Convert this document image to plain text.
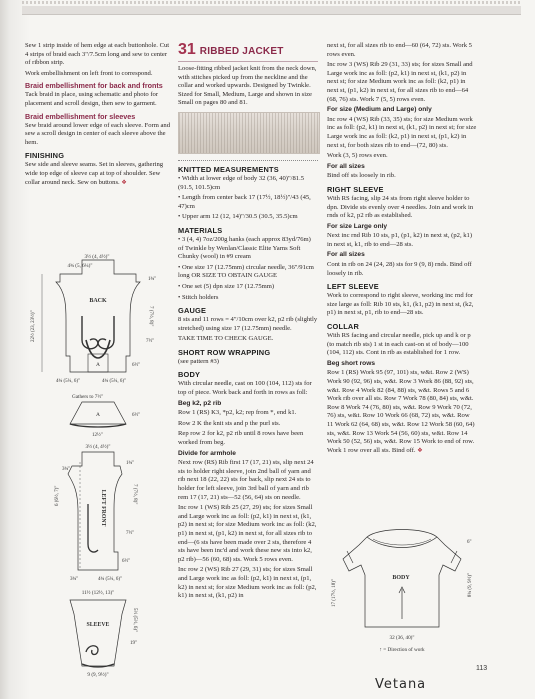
Sew 1 strip inside of hem edge at each buttonhole. Cut 4 strips of braid each 3"/7.5cm long and sew to center of ribbon strip.

Work embellishment on left front to correspond.

Braid embellishment for back and fronts

Tack braid in place, using schematic and photo for placement and scroll design, then sew to garment.

Braid embellishment for sleeves

Sew braid around lower edge of each sleeve. Form and sew a scroll design in center of each sleeve above the hem.

FINISHING

Sew side and sleeve seams. Set in sleeves, gathering wide top edge of sleeve cap at top of shoulder. Sew collar around neck. Sew on buttons. ❖

3½ (4, 4½)"
4¾ (5, 6¼)"
BACK
A
1¾"
7 (7½, 8)"
7½"
6½"
22½ (23, 23½)"
4¾ (5¼, 6)"	4¾ (5¼, 6)"
Gathers to 7½"
A	6½"
12½"
3½ (4, 4½)"
LEFT FRONT
3¾"
1¾"
7 (7½, 8)"
6 (6½, 7)"
7½"
6½"
3¾"	4¾ (5¼, 6)"
11½ (12½, 13)"
SLEEVE	5½ (5½, 6)"
19"
9 (9, 9½)"
31 RIBBED JACKET

Loose-fitting ribbed jacket knit from the neck down, with stitches picked up from the neckline and the collar and worked upwards. Designed by Twinkle. Sized for Small, Medium, Large and shown in size Small on pages 80 and 81.

KNITTED MEASUREMENTS

• Width at lower edge of body 32 (36, 40)"/81.5 (91.5, 101.5)cm

• Length from center back 17 (17½, 18½)"/43 (45, 47)cm

• Upper arm 12 (12, 14)"/30.5 (30.5, 35.5)cm

MATERIALS

• 3 (4, 4) 7oz/200g hanks (each approx 83yd/76m) of Twinkle by Wenlan/Classic Elite Yarns Soft Chunky (wool) in #9 cream

• One size 17 (12.75mm) circular needle, 36"/91cm long OR SIZE TO OBTAIN GAUGE

• One set (5) dpn size 17 (12.75mm)

• Stitch holders

GAUGE

8 sts and 11 rows = 4"/10cm over k2, p2 rib (slightly stretched) using size 17 (12.75mm) needle.

TAKE TIME TO CHECK GAUGE.

SHORT ROW WRAPPING

(see pattern #3)

BODY

With circular needle, cast on 100 (104, 112) sts for top of piece. Work back and forth in rows as foll:

Beg k2, p2 rib

Row 1 (RS) K3, *p2, k2; rep from *, end k1.

Row 2 K the knit sts and p the purl sts.

Rep row 2 for k2, p2 rib until 8 rows have been worked from beg.

Divide for armhole

Next row (RS) Rib first 17 (17, 21) sts, slip next 24 sts to holder right sleeve, join 2nd ball of yarn and rib next 18 (22, 22) sts for back, slip next 24 sts to holder for left sleeve, join 3rd ball of yarn and rib rem 17 (17, 21) sts—52 (56, 64) sts on needle.

Inc row 1 (WS) Rib 25 (27, 29) sts; for sizes Small and Large work inc as foll: (p2, k1) in next st, (k1, p2) in next st; for size Medium work inc as foll: (k2, p1) in next st, (p1, k2) in next st, for all sizes rib to end—(6 sts have been made over 2 sts, therefore 4 sts have been inc'd and work these new sts into k2, p2 rib)—56 (60, 68) sts. Work 5 rows even.

Inc row 2 (WS) Rib 27 (29, 31) sts; for sizes Small and Large work inc as foll: (p2, k1) in next st, (p1, k2) in next st; for size Medium work inc as foll: (p2, k1) in next st, (k1, p2) in

next st, for all sizes rib to end—60 (64, 72) sts. Work 5 rows even.

Inc row 3 (WS) Rib 29 (31, 33) sts; for sizes Small and Large work inc as foll: (p2, k1) in next st, (k1, p2) in next st; for size Medium work inc as foll: (k2, p1) in next st, (p1, k2) in next st, for all sizes rib to end—64 (68, 76) sts. Work 7 (5, 5) rows even.

For size (Medium and Large) only

Inc row 4 (WS) Rib (33, 35) sts; for size Medium work inc as foll: (p2, k1) in next st, (k1, p2) in next st; for size Large work inc as foll: (k2, p1) in next st, (p1, k2) in next st, for both sizes rib to end—(72, 80) sts.

Work (3, 5) rows even.

For all sizes

Bind off sts loosely in rib.

RIGHT SLEEVE

With RS facing, slip 24 sts from right sleeve holder to dpn. Divide sts evenly over 4 needles. Join and work in rnds of k2, p2 rib as established.

For size Large only

Next inc rnd Rib 10 sts, p1, (p1, k2) in next st, (p2, k1) in next st, k1, rib to end—28 sts.

For all sizes

Cont in rib on 24 (24, 28) sts for 9 (9, 8) rnds. Bind off loosely in rib.

LEFT SLEEVE

Work to correspond to right sleeve, working inc rnd for size large as foll: Rib 10 sts, k1, (k1, p2) in next st, (k2, p1) in next st, p1, rib to end—28 sts.

COLLAR

With RS facing and circular needle, pick up and k or p (to match rib sts) 1 st in each cast-on st of body—100 (104, 112) sts. Cont in rib as established for 1 row.

Beg short rows

Row 1 (RS) Work 95 (97, 101) sts, w&t. Row 2 (WS) Work 90 (92, 96) sts, w&t. Row 3 Work 86 (88, 92) sts, w&t. Row 4 Work 82 (84, 88) sts, w&t. Rows 5 and 6 Work rib over all sts. Row 7 Work 78 (80, 84) sts, w&t. Row 8 Work 74 (76, 80) sts, w&t. Row 9 Work 70 (72, 76) sts, w&t. Row 10 Work 66 (68, 72) sts, w&t. Row 11 Work 62 (64, 68) sts, w&t. Row 12 Work 58 (60, 64) sts, w&t. Row 13 Work 54 (56, 60) sts, w&t. Row 14 Work 50 (52, 56) sts, w&t. Row 15 Work to end of row. Work 1 row over all sts. Bind off. ❖

BODY
17 (17½, 18)"
6"
8¾ (9, 9½)"
32 (36, 40)"
↑ = Direction of work
113
Vetana
